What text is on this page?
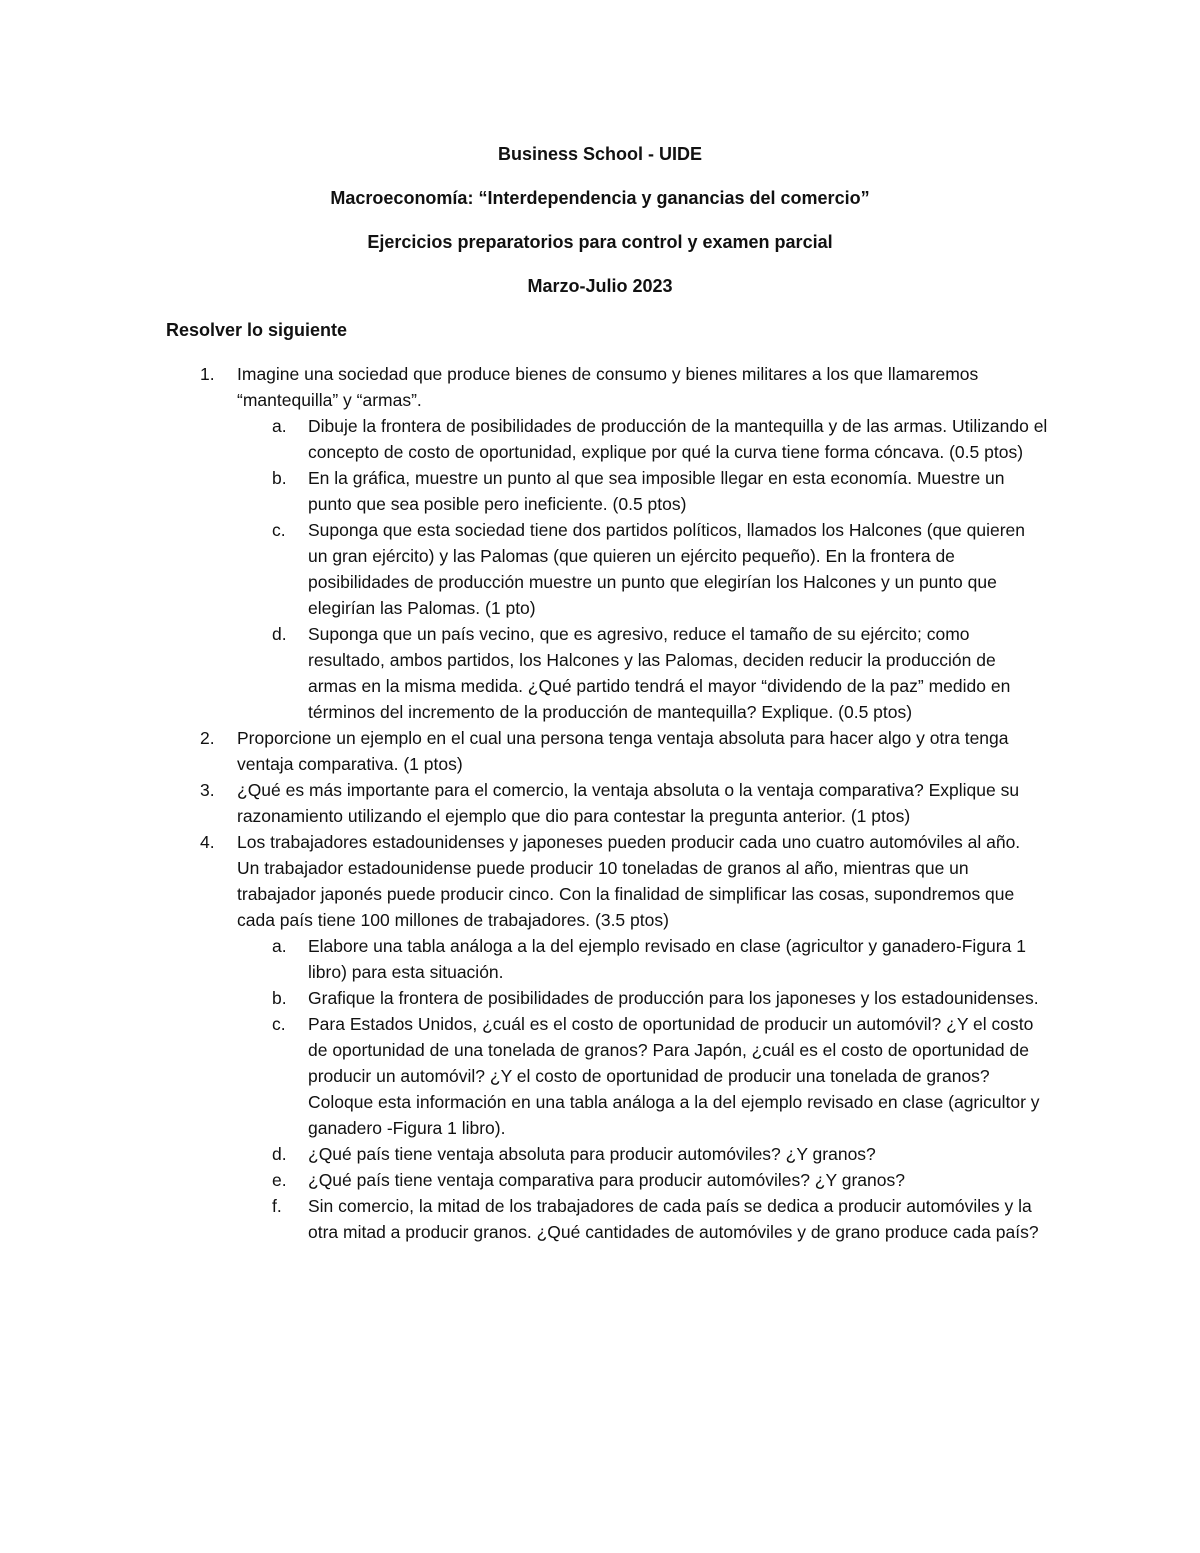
Business School - UIDE
Macroeconomía: “Interdependencia y ganancias del comercio”
Ejercicios preparatorios para control y examen parcial
Marzo-Julio 2023
Resolver lo siguiente
1.	Imagine una sociedad que produce bienes de consumo y bienes militares a los que llamaremos “mantequilla” y “armas”.
a.	Dibuje la frontera de posibilidades de producción de la mantequilla y de las armas. Utilizando el concepto de costo de oportunidad, explique por qué la curva tiene forma cóncava. (0.5 ptos)
b.	En la gráfica, muestre un punto al que sea imposible llegar en esta economía. Muestre un punto que sea posible pero ineficiente. (0.5 ptos)
c.	Suponga que esta sociedad tiene dos partidos políticos, llamados los Halcones (que quieren un gran ejército) y las Palomas (que quieren un ejército pequeño). En la frontera de posibilidades de producción muestre un punto que elegirían los Halcones y un punto que elegirían las Palomas. (1 pto)
d.	Suponga que un país vecino, que es agresivo, reduce el tamaño de su ejército; como resultado, ambos partidos, los Halcones y las Palomas, deciden reducir la producción de armas en la misma medida. ¿Qué partido tendrá el mayor “dividendo de la paz” medido en términos del incremento de la producción de mantequilla? Explique. (0.5 ptos)
2.	Proporcione un ejemplo en el cual una persona tenga ventaja absoluta para hacer algo y otra tenga ventaja comparativa. (1 ptos)
3.	¿Qué es más importante para el comercio, la ventaja absoluta o la ventaja comparativa? Explique su razonamiento utilizando el ejemplo que dio para contestar la pregunta anterior. (1 ptos)
4.	Los trabajadores estadounidenses y japoneses pueden producir cada uno cuatro automóviles al año. Un trabajador estadounidense puede producir 10 toneladas de granos al año, mientras que un trabajador japonés puede producir cinco. Con la finalidad de simplificar las cosas, supondremos que cada país tiene 100 millones de trabajadores. (3.5 ptos)
a.	Elabore una tabla análoga a la del ejemplo revisado en clase (agricultor y ganadero-Figura 1 libro) para esta situación.
b.	Grafique la frontera de posibilidades de producción para los japoneses y los estadounidenses.
c.	Para Estados Unidos, ¿cuál es el costo de oportunidad de producir un automóvil? ¿Y el costo de oportunidad de una tonelada de granos? Para Japón, ¿cuál es el costo de oportunidad de producir un automóvil? ¿Y el costo de oportunidad de producir una tonelada de granos? Coloque esta información en una tabla análoga a la del ejemplo revisado en clase (agricultor y ganadero -Figura 1 libro).
d.	¿Qué país tiene ventaja absoluta para producir automóviles? ¿Y granos?
e.	¿Qué país tiene ventaja comparativa para producir automóviles? ¿Y granos?
f.	Sin comercio, la mitad de los trabajadores de cada país se dedica a producir automóviles y la otra mitad a producir granos. ¿Qué cantidades de automóviles y de grano produce cada país?
